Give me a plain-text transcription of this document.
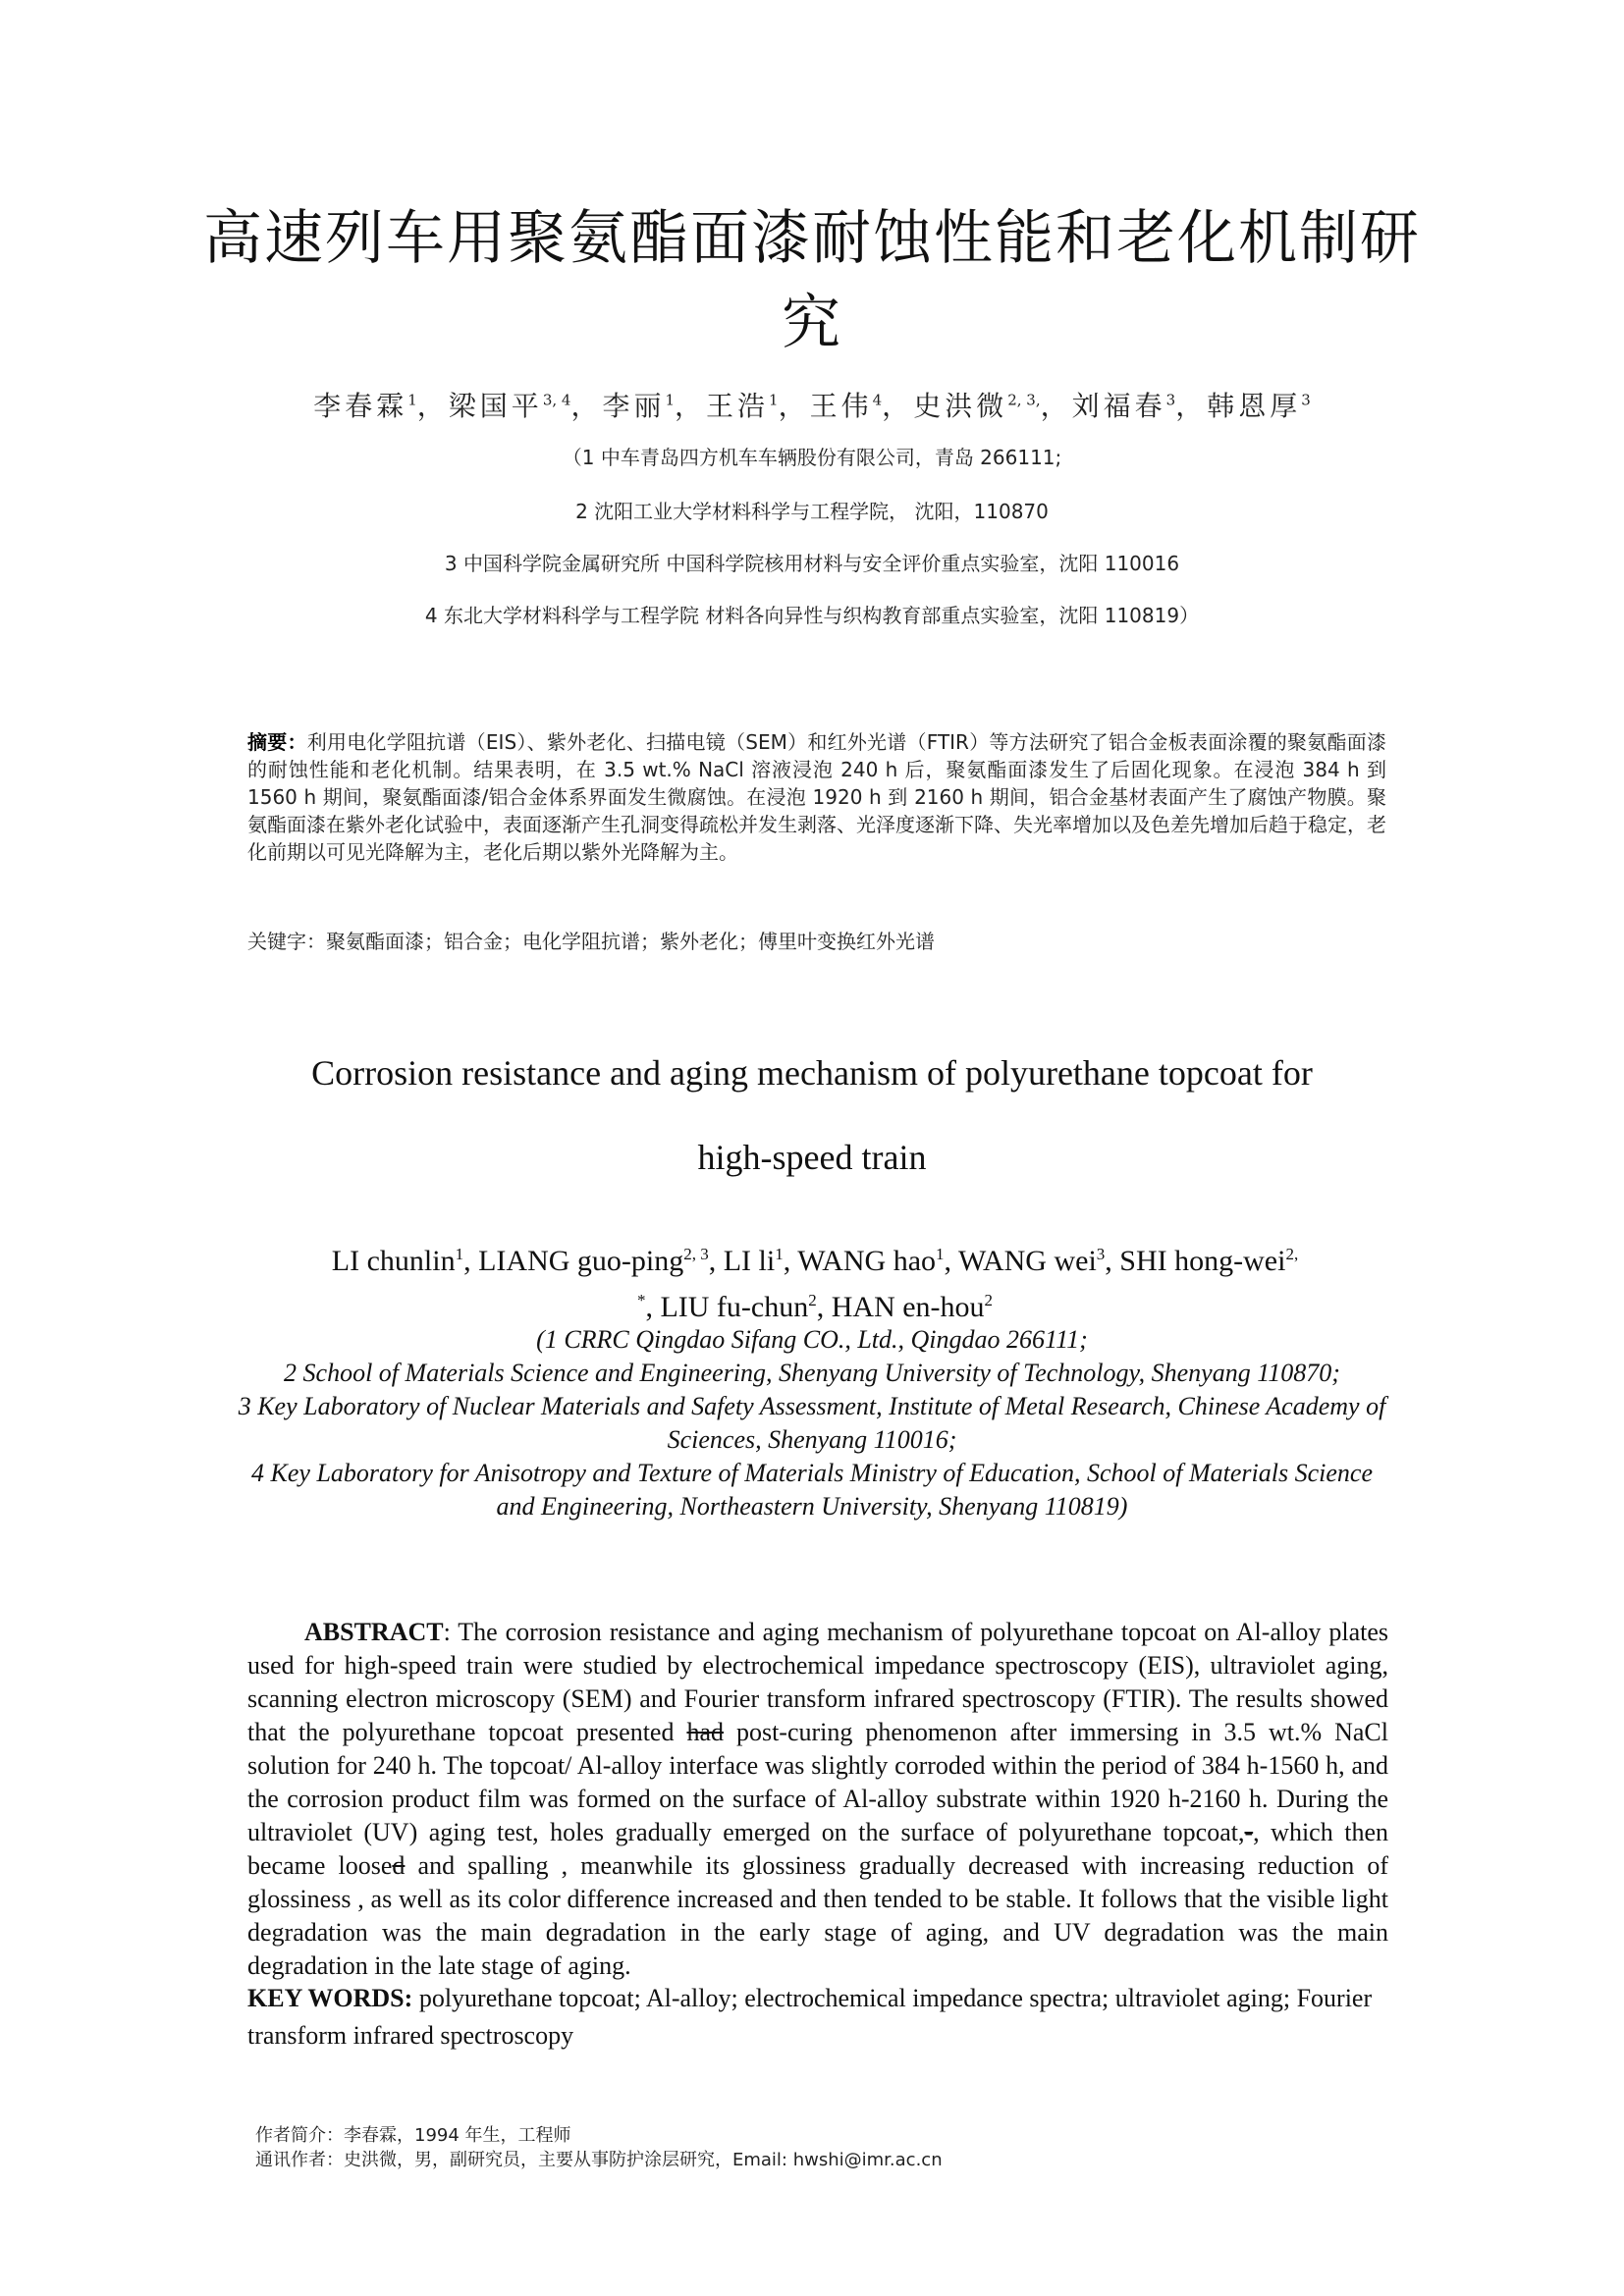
高速列车用聚氨酯面漆耐蚀性能和老化机制研究
李春霖$^1$，梁国平$^{3, 4}$，李丽$^1$，王浩$^1$，王伟$^4$，史洪微$^{2, 3,}$，刘福春$^3$，韩恩厚$^3$
（1 中车青岛四方机车车辆股份有限公司，青岛 266111;
2 沈阳工业大学材料科学与工程学院， 沈阳，110870
3 中国科学院金属研究所 中国科学院核用材料与安全评价重点实验室，沈阳 110016
4 东北大学材料科学与工程学院 材料各向异性与织构教育部重点实验室，沈阳 110819）
摘要：利用电化学阻抗谱（EIS）、紫外老化、扫描电镜（SEM）和红外光谱（FTIR）等方法研究了铝合金板表面涂覆的聚氨酯面漆的耐蚀性能和老化机制。结果表明，在 3.5 wt.% NaCl 溶液浸泡 240 h 后，聚氨酯面漆发生了后固化现象。在浸泡 384 h 到 1560 h 期间，聚氨酯面漆/铝合金体系界面发生微腐蚀。在浸泡 1920 h 到 2160 h 期间，铝合金基材表面产生了腐蚀产物膜。聚氨酯面漆在紫外老化试验中，表面逐渐产生孔洞变得疏松并发生剥落、光泽度逐渐下降、失光率增加以及色差先增加后趋于稳定，老化前期以可见光降解为主，老化后期以紫外光降解为主。
关键字：聚氨酯面漆；铝合金；电化学阻抗谱；紫外老化；傅里叶变换红外光谱
Corrosion resistance and aging mechanism of polyurethane topcoat for
high-speed train
LI chunlin$^1$, LIANG guo-ping$^{2, 3}$, LI $li^1$, WANG hao$^1$, WANG wei$^3$, SHI hong-wei$^{2, *}$, LIU fu-chun$^2$, HAN en-hou$^2$
(1 CRRC Qingdao Sifang CO., Ltd., Qingdao 266111;
2 School of Materials Science and Engineering, Shenyang University of Technology, Shenyang 110870;
3 Key Laboratory of Nuclear Materials and Safety Assessment, Institute of Metal Research, Chinese Academy of Sciences, Shenyang 110016;
4 Key Laboratory for Anisotropy and Texture of Materials Ministry of Education, School of Materials Science and Engineering, Northeastern University, Shenyang 110819)
ABSTRACT: The corrosion resistance and aging mechanism of polyurethane topcoat on Al-alloy plates used for high-speed train were studied by electrochemical impedance spectroscopy (EIS), ultraviolet aging, scanning electron microscopy (SEM) and Fourier transform infrared spectroscopy (FTIR). The results showed that the polyurethane topcoat presented had post-curing phenomenon after immersing in 3.5 wt.% NaCl solution for 240 h. The topcoat/ Al-alloy interface was slightly corroded within the period of 384 h-1560 h, and the corrosion product film was formed on the surface of Al-alloy substrate within 1920 h-2160 h. During the ultraviolet (UV) aging test, holes gradually emerged on the surface of polyurethane topcoat,-, which then became loosed and spalling , meanwhile its glossiness gradually decreased with increasing reduction of glossiness , as well as its color difference increased and then tended to be stable. It follows that the visible light degradation was the main degradation in the early stage of aging, and UV degradation was the main degradation in the late stage of aging.
KEY WORDS: polyurethane topcoat; Al-alloy; electrochemical impedance spectra; ultraviolet aging; Fourier transform infrared spectroscopy
作者简介：李春霖，1994 年生，工程师
通讯作者：史洪微，男，副研究员，主要从事防护涂层研究，Email: hwshi@imr.ac.cn
